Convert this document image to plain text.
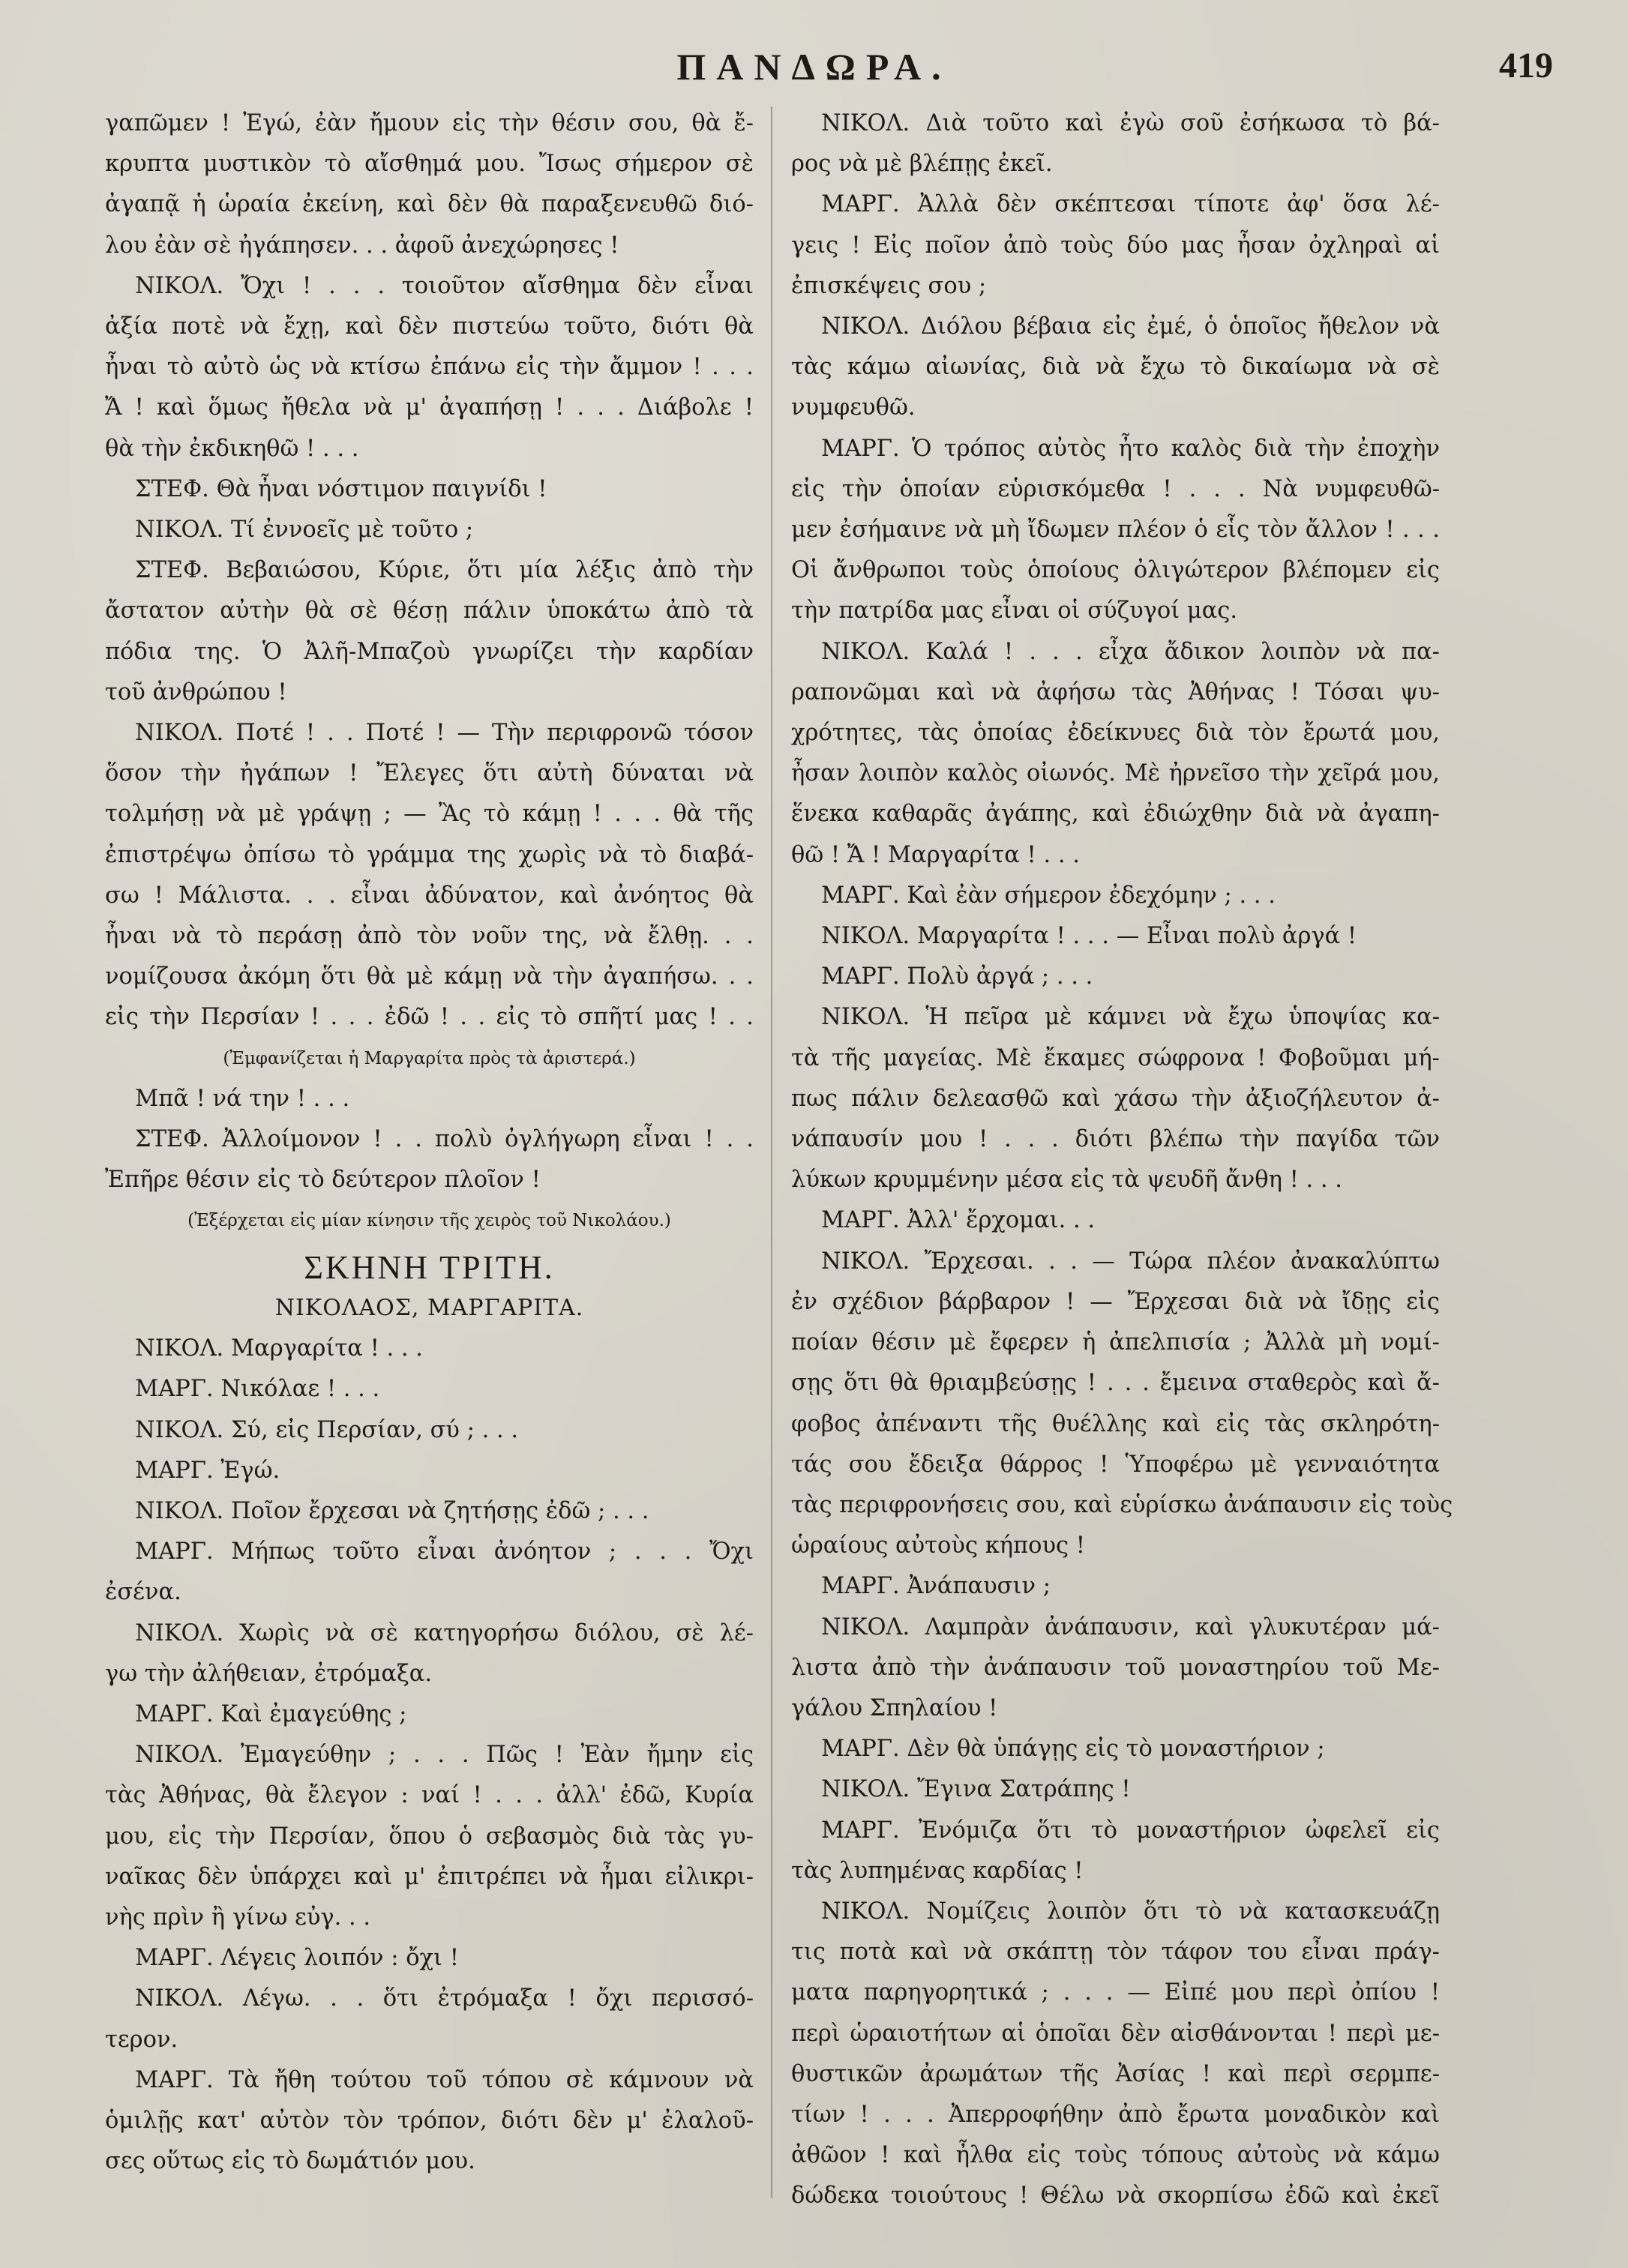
ΠΑΝΔΩΡΑ.	419
γαπῶμεν ! Ἐγώ, ἐὰν ἤμουν εἰς τὴν θέσιν σου, θὰ ἔ-
κρυπτα μυστικὸν τὸ αἴσθημά μου. Ἴσως σήμερον σὲ
ἀγαπᾷ ἡ ὡραία ἐκείνη, καὶ δὲν θὰ παραξενευθῶ διό-
λου ἐὰν σὲ ἠγάπησεν. . . ἀφοῦ ἀνεχώρησες !
ΝΙΚΟΛ. Ὄχι ! . . . τοιοῦτον αἴσθημα δὲν εἶναι
ἀξία ποτὲ νὰ ἔχῃ, καὶ δὲν πιστεύω τοῦτο, διότι θὰ
ἦναι τὸ αὐτὸ ὡς νὰ κτίσω ἐπάνω εἰς τὴν ἄμμον ! . . .
Ἄ ! καὶ ὅμως ἤθελα νὰ μ' ἀγαπήσῃ ! . . . Διάβολε !
θὰ τὴν ἐκδικηθῶ ! . . .
ΣΤΕΦ. Θὰ ἦναι νόστιμον παιγνίδι !
ΝΙΚΟΛ. Τί ἐννοεῖς μὲ τοῦτο ;
ΣΤΕΦ. Βεβαιώσου, Κύριε, ὅτι μία λέξις ἀπὸ τὴν
ἄστατον αὐτὴν θὰ σὲ θέσῃ πάλιν ὑποκάτω ἀπὸ τὰ
πόδια της. Ὁ Ἀλῆ-Μπαζοὺ γνωρίζει τὴν καρδίαν
τοῦ ἀνθρώπου !
ΝΙΚΟΛ. Ποτέ ! . . Ποτέ ! — Τὴν περιφρονῶ τόσον
ὅσον τὴν ἠγάπων ! Ἔλεγες ὅτι αὐτὴ δύναται νὰ
τολμήσῃ νὰ μὲ γράψῃ ; — Ἂς τὸ κάμῃ ! . . . θὰ τῆς
ἐπιστρέψω ὀπίσω τὸ γράμμα της χωρὶς νὰ τὸ διαβά-
σω ! Μάλιστα. . . εἶναι ἀδύνατον, καὶ ἀνόητος θὰ
ἦναι νὰ τὸ περάσῃ ἀπὸ τὸν νοῦν της, νὰ ἔλθῃ. . .
νομίζουσα ἀκόμη ὅτι θὰ μὲ κάμῃ νὰ τὴν ἀγαπήσω. . .
εἰς τὴν Περσίαν ! . . . ἐδῶ ! . . εἰς τὸ σπῆτί μας ! . .
(Ἐμφανίζεται ἡ Μαργαρίτα πρὸς τὰ ἀριστερά.)
Μπᾶ ! νά την ! . . .
ΣΤΕΦ. Ἀλλοίμονον ! . . πολὺ ὀγλήγωρη εἶναι ! . .
Ἐπῆρε θέσιν εἰς τὸ δεύτερον πλοῖον !
(Ἐξέρχεται εἰς μίαν κίνησιν τῆς χειρὸς τοῦ Νικολάου.)
ΣΚΗΝΗ ΤΡΙΤΗ.
ΝΙΚΟΛΑΟΣ, ΜΑΡΓΑΡΙΤΑ.
ΝΙΚΟΛ. Μαργαρίτα ! . . .
ΜΑΡΓ. Νικόλαε ! . . .
ΝΙΚΟΛ. Σύ, εἰς Περσίαν, σύ ; . . .
ΜΑΡΓ. Ἐγώ.
ΝΙΚΟΛ. Ποῖον ἔρχεσαι νὰ ζητήσῃς ἐδῶ ; . . .
ΜΑΡΓ. Μήπως τοῦτο εἶναι ἀνόητον ; . . . Ὄχι
ἐσένα.
ΝΙΚΟΛ. Χωρὶς νὰ σὲ κατηγορήσω διόλου, σὲ λέ-
γω τὴν ἀλήθειαν, ἐτρόμαξα.
ΜΑΡΓ. Καὶ ἐμαγεύθης ;
ΝΙΚΟΛ. Ἐμαγεύθην ; . . . Πῶς ! Ἐὰν ἤμην εἰς
τὰς Ἀθήνας, θὰ ἔλεγον : ναί ! . . . ἀλλ' ἐδῶ, Κυρία
μου, εἰς τὴν Περσίαν, ὅπου ὁ σεβασμὸς διὰ τὰς γυ-
ναῖκας δὲν ὑπάρχει καὶ μ' ἐπιτρέπει νὰ ἦμαι εἰλικρι-
νὴς πρὶν ἢ γίνω εὐγ. . .
ΜΑΡΓ. Λέγεις λοιπόν : ὄχι !
ΝΙΚΟΛ. Λέγω. . . ὅτι ἐτρόμαξα ! ὄχι περισσό-
τερον.
ΜΑΡΓ. Τὰ ἤθη τούτου τοῦ τόπου σὲ κάμνουν νὰ
ὁμιλῇς κατ' αὐτὸν τὸν τρόπον, διότι δὲν μ' ἐλαλοῦ-
σες οὕτως εἰς τὸ δωμάτιόν μου.
ΝΙΚΟΛ. Διὰ τοῦτο καὶ ἐγὼ σοῦ ἐσήκωσα τὸ βά-
ρος νὰ μὲ βλέπῃς ἐκεῖ.
ΜΑΡΓ. Ἀλλὰ δὲν σκέπτεσαι τίποτε ἀφ' ὅσα λέ-
γεις ! Εἰς ποῖον ἀπὸ τοὺς δύο μας ἦσαν ὀχληραὶ αἱ
ἐπισκέψεις σου ;
ΝΙΚΟΛ. Διόλου βέβαια εἰς ἐμέ, ὁ ὁποῖος ἤθελον νὰ
τὰς κάμω αἰωνίας, διὰ νὰ ἔχω τὸ δικαίωμα νὰ σὲ
νυμφευθῶ.
ΜΑΡΓ. Ὁ τρόπος αὐτὸς ἦτο καλὸς διὰ τὴν ἐποχὴν
εἰς τὴν ὁποίαν εὑρισκόμεθα ! . . . Νὰ νυμφευθῶ-
μεν ἐσήμαινε νὰ μὴ ἴδωμεν πλέον ὁ εἷς τὸν ἄλλον ! . . .
Οἱ ἄνθρωποι τοὺς ὁποίους ὀλιγώτερον βλέπομεν εἰς
τὴν πατρίδα μας εἶναι οἱ σύζυγοί μας.
ΝΙΚΟΛ. Καλά ! . . . εἶχα ἄδικον λοιπὸν νὰ πα-
ραπονῶμαι καὶ νὰ ἀφήσω τὰς Ἀθήνας ! Τόσαι ψυ-
χρότητες, τὰς ὁποίας ἐδείκνυες διὰ τὸν ἔρωτά μου,
ἦσαν λοιπὸν καλὸς οἰωνός. Μὲ ἠρνεῖσο τὴν χεῖρά μου,
ἕνεκα καθαρᾶς ἀγάπης, καὶ ἐδιώχθην διὰ νὰ ἀγαπη-
θῶ ! Ἄ ! Μαργαρίτα ! . . .
ΜΑΡΓ. Καὶ ἐὰν σήμερον ἐδεχόμην ; . . .
ΝΙΚΟΛ. Μαργαρίτα ! . . . — Εἶναι πολὺ ἀργά !
ΜΑΡΓ. Πολὺ ἀργά ; . . .
ΝΙΚΟΛ. Ἡ πεῖρα μὲ κάμνει νὰ ἔχω ὑποψίας κα-
τὰ τῆς μαγείας. Μὲ ἔκαμες σώφρονα ! Φοβοῦμαι μή-
πως πάλιν δελεασθῶ καὶ χάσω τὴν ἀξιοζήλευτον ἀ-
νάπαυσίν μου ! . . . διότι βλέπω τὴν παγίδα τῶν
λύκων κρυμμένην μέσα εἰς τὰ ψευδῆ ἄνθη ! . . .
ΜΑΡΓ. Ἀλλ' ἔρχομαι. . .
ΝΙΚΟΛ. Ἔρχεσαι. . . — Τώρα πλέον ἀνακαλύπτω
ἐν σχέδιον βάρβαρον ! — Ἔρχεσαι διὰ νὰ ἴδῃς εἰς
ποίαν θέσιν μὲ ἔφερεν ἡ ἀπελπισία ; Ἀλλὰ μὴ νομί-
σῃς ὅτι θὰ θριαμβεύσῃς ! . . . ἔμεινα σταθερὸς καὶ ἄ-
φοβος ἀπέναντι τῆς θυέλλης καὶ εἰς τὰς σκληρότη-
τάς σου ἔδειξα θάρρος ! Ὑποφέρω μὲ γενναιότητα
τὰς περιφρονήσεις σου, καὶ εὑρίσκω ἀνάπαυσιν εἰς τοὺς
ὡραίους αὐτοὺς κήπους !
ΜΑΡΓ. Ἀνάπαυσιν ;
ΝΙΚΟΛ. Λαμπρὰν ἀνάπαυσιν, καὶ γλυκυτέραν μά-
λιστα ἀπὸ τὴν ἀνάπαυσιν τοῦ μοναστηρίου τοῦ Με-
γάλου Σπηλαίου !
ΜΑΡΓ. Δὲν θὰ ὑπάγῃς εἰς τὸ μοναστήριον ;
ΝΙΚΟΛ. Ἔγινα Σατράπης !
ΜΑΡΓ. Ἐνόμιζα ὅτι τὸ μοναστήριον ὠφελεῖ εἰς
τὰς λυπημένας καρδίας !
ΝΙΚΟΛ. Νομίζεις λοιπὸν ὅτι τὸ νὰ κατασκευάζῃ
τις ποτὰ καὶ νὰ σκάπτῃ τὸν τάφον του εἶναι πράγ-
ματα παρηγορητικά ; . . . — Εἰπέ μου περὶ ὀπίου !
περὶ ὡραιοτήτων αἱ ὁποῖαι δὲν αἰσθάνονται ! περὶ με-
θυστικῶν ἀρωμάτων τῆς Ἀσίας ! καὶ περὶ σερμπε-
τίων ! . . . Ἀπερροφήθην ἀπὸ ἔρωτα μοναδικὸν καὶ
ἀθῶον ! καὶ ἦλθα εἰς τοὺς τόπους αὐτοὺς νὰ κάμω
δώδεκα τοιούτους ! Θέλω νὰ σκορπίσω ἐδῶ καὶ ἐκεῖ
